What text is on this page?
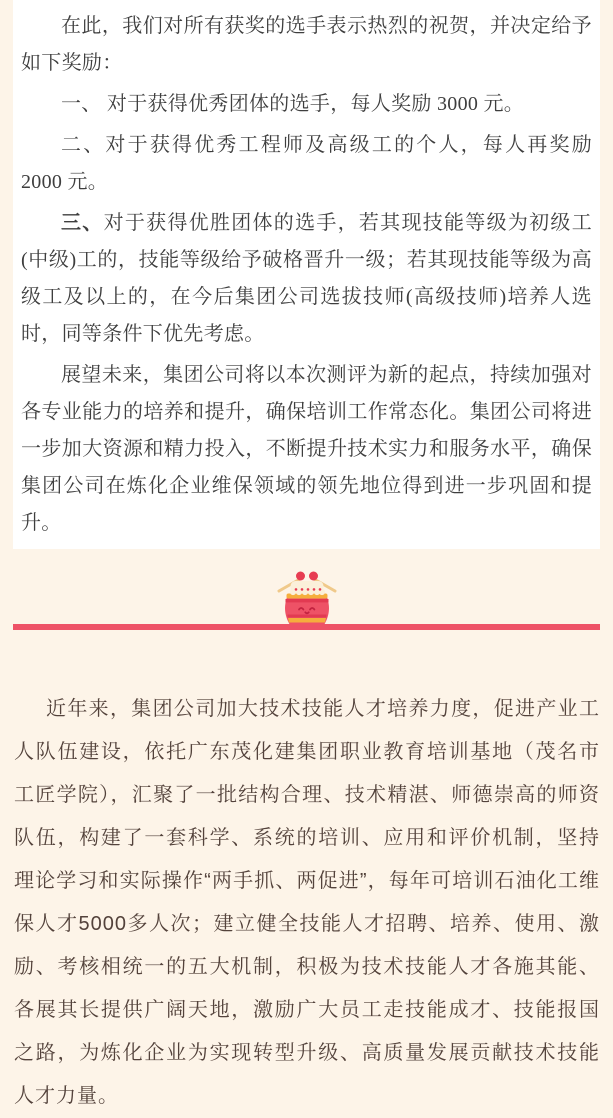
在此，我们对所有获奖的选手表示热烈的祝贺，并决定给予如下奖励：

一、 对于获得优秀团体的选手，每人奖励 3000 元。

二、对于获得优秀工程师及高级工的个人，每人再奖励 2000 元。

三、对于获得优胜团体的选手，若其现技能等级为初级工(中级)工的，技能等级给予破格晋升一级；若其现技能等级为高级工及以上的，在今后集团公司选拔技师(高级技师)培养人选时，同等条件下优先考虑。

展望未来，集团公司将以本次测评为新的起点，持续加强对各专业能力的培养和提升，确保培训工作常态化。集团公司将进一步加大资源和精力投入，不断提升技术实力和服务水平，确保集团公司在炼化企业维保领域的领先地位得到进一步巩固和提升。

近年来，集团公司加大技术技能人才培养力度，促进产业工人队伍建设，依托广东茂化建集团职业教育培训基地（茂名市工匠学院），汇聚了一批结构合理、技术精湛、师德崇高的师资队伍，构建了一套科学、系统的培训、应用和评价机制，坚持理论学习和实际操作“两手抓、两促进”，每年可培训石油化工维保人才5000多人次；建立健全技能人才招聘、培养、使用、激励、考核相统一的五大机制，积极为技术技能人才各施其能、各展其长提供广阔天地，激励广大员工走技能成才、技能报国之路，为炼化企业为实现转型升级、高质量发展贡献技术技能人才力量。
